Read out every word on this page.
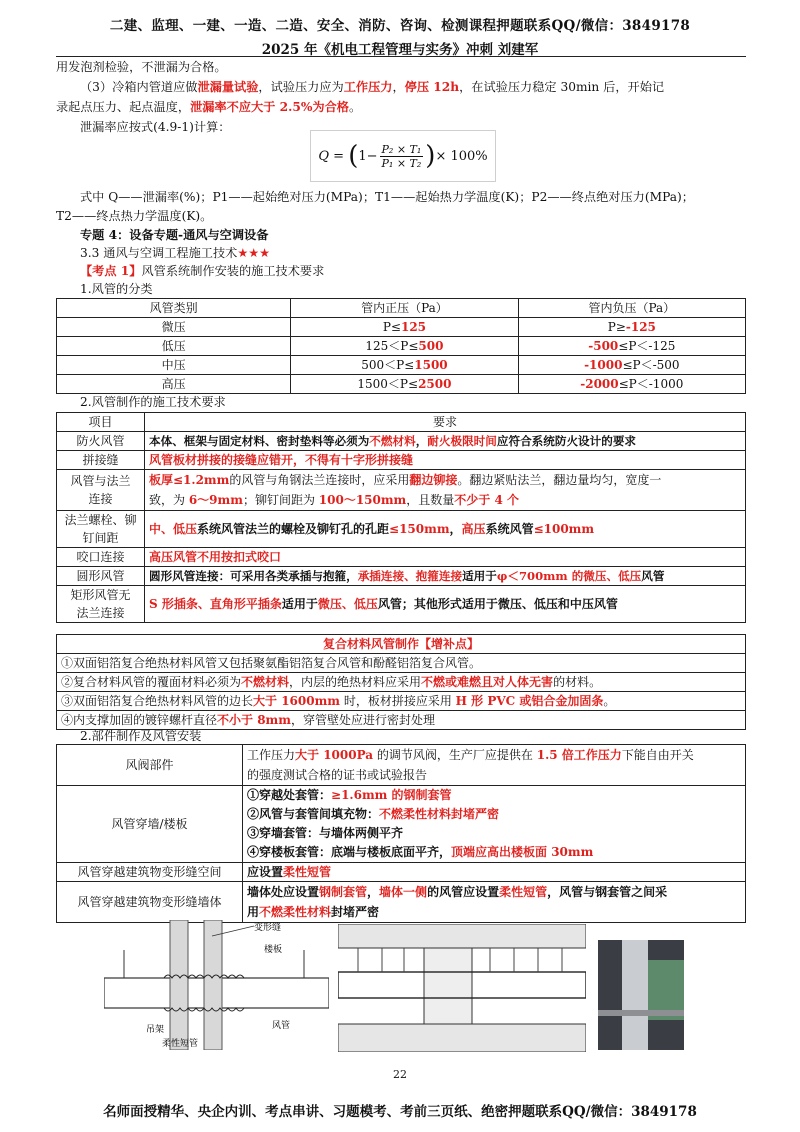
二建、监理、一建、一造、二造、安全、消防、咨询、检测课程押题联系QQ/微信：3849178
2025 年《机电工程管理与实务》冲刺 刘建军
用发泡剂检验，不泄漏为合格。
（3）冷箱内管道应做泄漏量试验，试验压力应为工作压力，停压 12h，在试验压力稳定 30min 后，开始记
录起点压力、起点温度，泄漏率不应大于 2.5%为合格。
泄漏率应按式(4.9-1)计算：
Q
=
( $1- \frac{\text{P₂ × T₁}}{\text{P₁ × T₂}}$ ) × 100%
式中 Q——泄漏率(%)；P1——起始绝对压力(MPa)；T1——起始热力学温度(K)；P2——终点绝对压力(MPa)；
T2——终点热力学温度(K)。
专题 4：设备专题-通风与空调设备
3.3 通风与空调工程施工技术★★★
【考点 1】风管系统制作安装的施工技术要求
1.风管的分类
风管类别	管内正压（Pa）	管内负压（Pa）
微压	P≤125	P≥-125
低压	125＜P≤500	-500≤P＜-125
中压	500＜P≤1500	-1000≤P＜-500
高压	1500＜P≤2500	-2000≤P＜-1000
2.风管制作的施工技术要求
项目	要求
防火风管	本体、框架与固定材料、密封垫料等必须为不燃材料，耐火极限时间应符合系统防火设计的要求
拼接缝	风管板材拼接的接缝应错开，不得有十字形拼接缝
风管与法兰
连接	板厚≤1.2mm的风管与角钢法兰连接时，应采用翻边铆接。翻边紧贴法兰，翻边量均匀，宽度一
致，为 6～9mm；铆钉间距为 100～150mm，且数量不少于 4 个
法兰螺栓、铆
钉间距	中、低压系统风管法兰的螺栓及铆钉孔的孔距≤150mm，高压系统风管≤100mm
咬口连接	高压风管不用按扣式咬口
圆形风管	圆形风管连接：可采用各类承插与抱箍，承插连接、抱箍连接适用于φ＜700mm 的微压、低压风管
矩形风管无
法兰连接	S 形插条、直角形平插条适用于微压、低压风管；其他形式适用于微压、低压和中压风管
复合材料风管制作【增补点】
①双面铝箔复合绝热材料风管又包括聚氨酯铝箔复合风管和酚醛铝箔复合风管。
②复合材料风管的覆面材料必须为不燃材料，内层的绝热材料应采用不燃或难燃且对人体无害的材料。
③双面铝箔复合绝热材料风管的边长大于 1600mm 时，板材拼接应采用 H 形 PVC 或铝合金加固条。
④内支撑加固的镀锌螺杆直径不小于 8mm，穿管壁处应进行密封处理
2.部件制作及风管安装
风阀部件	工作压力大于 1000Pa 的调节风阀，生产厂应提供在 1.5 倍工作压力下能自由开关
的强度测试合格的证书或试验报告
风管穿墙/楼板	①穿越处套管：≥1.6mm 的钢制套管
②风管与套管间填充物：不燃柔性材料封堵严密
③穿墙套管：与墙体两侧平齐
④穿楼板套管：底端与楼板底面平齐，顶端应高出楼板面 30mm
风管穿越建筑物变形缝空间	应设置柔性短管
风管穿越建筑物变形缝墙体	墙体处应设置钢制套管，墙体一侧的风管应设置柔性短管，风管与钢套管之间采
用不燃柔性材料封堵严密
变形缝
楼板
吊架	风管
柔性短管
22
名师面授精华、央企内训、考点串讲、习题模考、考前三页纸、绝密押题联系QQ/微信：3849178
